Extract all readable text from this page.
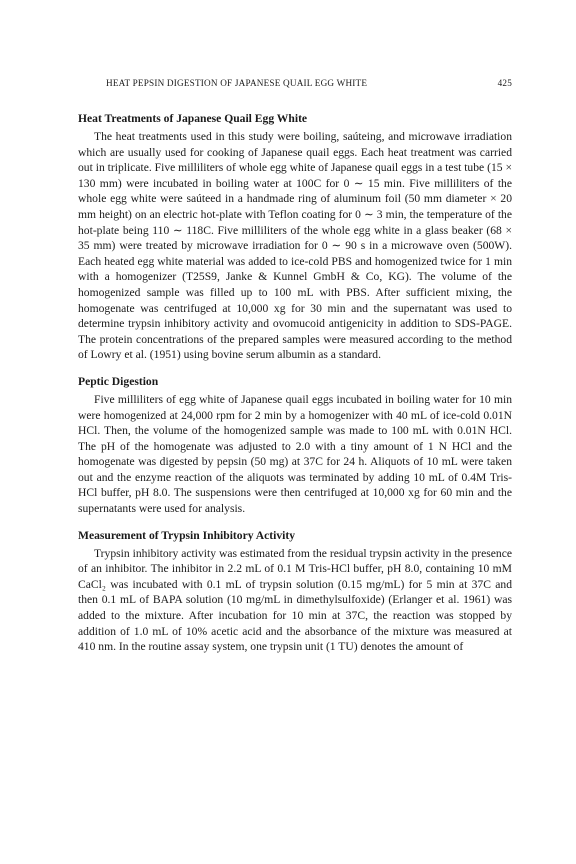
HEAT PEPSIN DIGESTION OF JAPANESE QUAIL EGG WHITE	425
Heat Treatments of Japanese Quail Egg White

The heat treatments used in this study were boiling, saúteing, and microwave irradiation which are usually used for cooking of Japanese quail eggs. Each heat treatment was carried out in triplicate. Five milliliters of whole egg white of Japanese quail eggs in a test tube (15 × 130 mm) were incubated in boiling water at 100C for 0 ∼ 15 min. Five milliliters of the whole egg white were saúteed in a handmade ring of aluminum foil (50 mm diameter × 20 mm height) on an electric hot-plate with Teflon coating for 0 ∼ 3 min, the temperature of the hot-plate being 110 ∼ 118C. Five milliliters of the whole egg white in a glass beaker (68 × 35 mm) were treated by microwave irradiation for 0 ∼ 90 s in a microwave oven (500W). Each heated egg white material was added to ice-cold PBS and homogenized twice for 1 min with a homogenizer (T25S9, Janke & Kunnel GmbH & Co, KG). The volume of the homogenized sample was filled up to 100 mL with PBS. After sufficient mixing, the homogenate was centrifuged at 10,000 xg for 30 min and the supernatant was used to determine trypsin inhibitory activity and ovomucoid antigenicity in addition to SDS-PAGE. The protein concentrations of the prepared samples were measured according to the method of Lowry et al. (1951) using bovine serum albumin as a standard.

Peptic Digestion

Five milliliters of egg white of Japanese quail eggs incubated in boiling water for 10 min were homogenized at 24,000 rpm for 2 min by a homogenizer with 40 mL of ice-cold 0.01N HCl. Then, the volume of the homogenized sample was made to 100 mL with 0.01N HCl. The pH of the homogenate was adjusted to 2.0 with a tiny amount of 1 N HCl and the homogenate was digested by pepsin (50 mg) at 37C for 24 h. Aliquots of 10 mL were taken out and the enzyme reaction of the aliquots was terminated by adding 10 mL of 0.4M Tris-HCl buffer, pH 8.0. The suspensions were then centrifuged at 10,000 xg for 60 min and the supernatants were used for analysis.

Measurement of Trypsin Inhibitory Activity

Trypsin inhibitory activity was estimated from the residual trypsin activity in the presence of an inhibitor. The inhibitor in 2.2 mL of 0.1 M Tris-HCl buffer, pH 8.0, containing 10 mM CaCl₂ was incubated with 0.1 mL of trypsin solution (0.15 mg/mL) for 5 min at 37C and then 0.1 mL of BAPA solution (10 mg/mL in dimethylsulfoxide) (Erlanger et al. 1961) was added to the mixture. After incubation for 10 min at 37C, the reaction was stopped by addition of 1.0 mL of 10% acetic acid and the absorbance of the mixture was measured at 410 nm. In the routine assay system, one trypsin unit (1 TU) denotes the amount of
